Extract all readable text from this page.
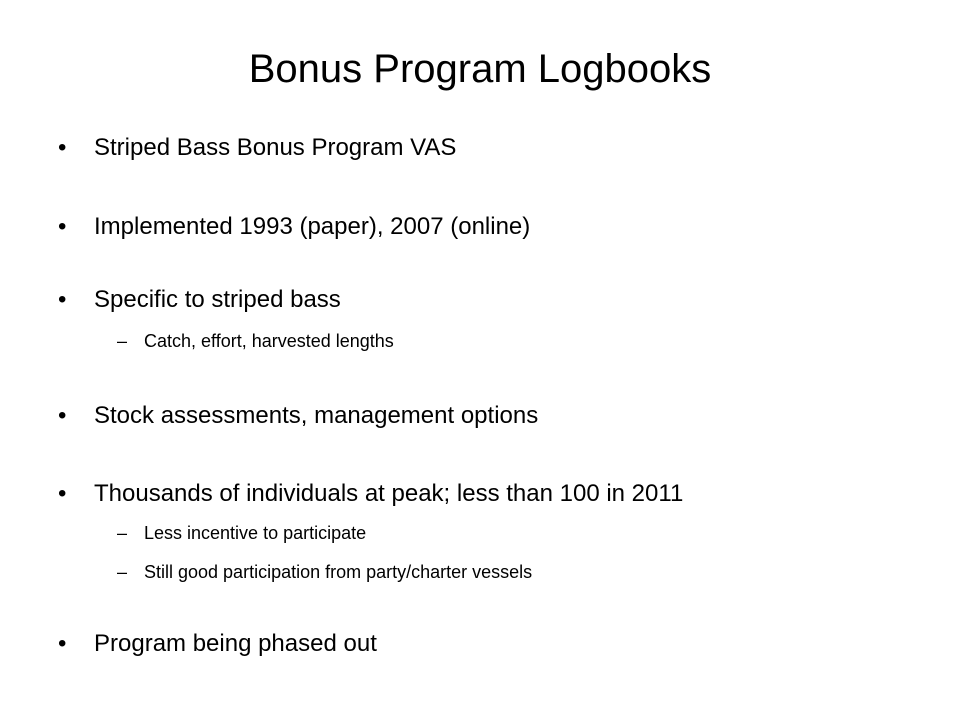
Bonus Program Logbooks
• Striped Bass Bonus Program VAS
• Implemented 1993 (paper), 2007 (online)
• Specific to striped bass
– Catch, effort, harvested lengths
• Stock assessments, management options
• Thousands of individuals at peak; less than 100 in 2011
– Less incentive to participate
– Still good participation from party/charter vessels
• Program being phased out
